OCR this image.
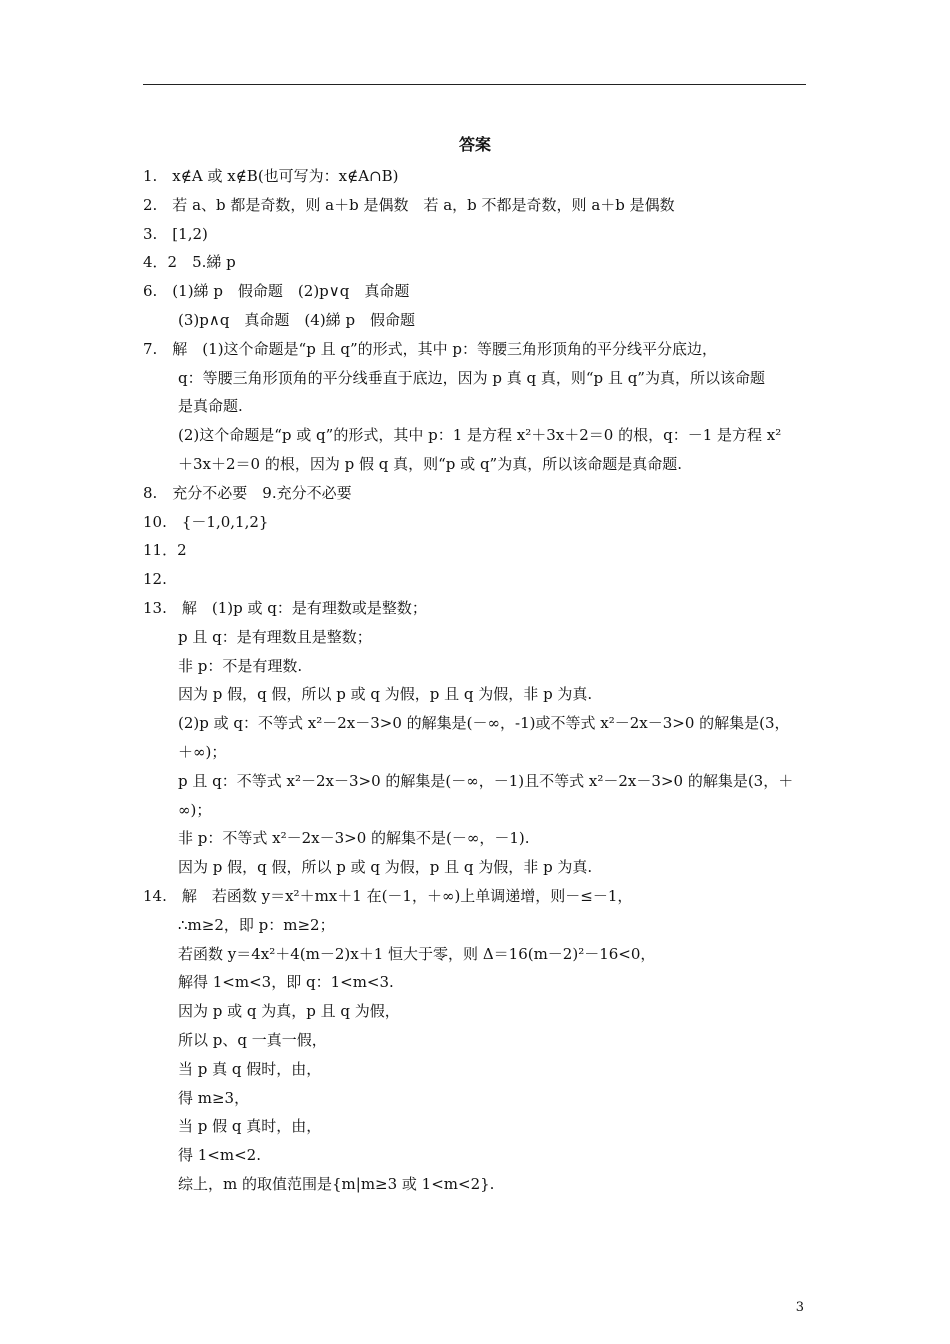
答案
1.　x∉A 或 x∉B(也可写为：x∉A∩B)
2.　若 a、b 都是奇数，则 a＋b 是偶数　若 a，b 不都是奇数，则 a＋b 是偶数
3.　[1,2)
4．2　5.綈 p
6.　(1)綈 p　假命题　(2)p∨q　真命题
(3)p∧q　真命题　(4)綈 p　假命题
7.　解　(1)这个命题是“p 且 q”的形式，其中 p：等腰三角形顶角的平分线平分底边，
q：等腰三角形顶角的平分线垂直于底边，因为 p 真 q 真，则“p 且 q”为真，所以该命题
是真命题.
(2)这个命题是“p 或 q”的形式，其中 p：1 是方程 x²＋3x＋2＝0 的根，q：－1 是方程 x²
＋3x＋2＝0 的根，因为 p 假 q 真，则“p 或 q”为真，所以该命题是真命题.
8.　充分不必要　9.充分不必要
10.　{－1,0,1,2}
11．2
12.
13.　解　(1)p 或 q：是有理数或是整数；
p 且 q：是有理数且是整数；
非 p：不是有理数.
因为 p 假，q 假，所以 p 或 q 为假，p 且 q 为假，非 p 为真.
(2)p 或 q：不等式 x²－2x－3>0 的解集是(－∞，-1)或不等式 x²－2x－3>0 的解集是(3，
＋∞)；
p 且 q：不等式 x²－2x－3>0 的解集是(－∞，－1)且不等式 x²－2x－3>0 的解集是(3，＋
∞)；
非 p：不等式 x²－2x－3>0 的解集不是(－∞，－1).
因为 p 假，q 假，所以 p 或 q 为假，p 且 q 为假，非 p 为真.
14.　解　若函数 y＝x²＋mx＋1 在(－1，＋∞)上单调递增，则－≤－1，
∴m≥2，即 p：m≥2；
若函数 y＝4x²＋4(m－2)x＋1 恒大于零，则 Δ＝16(m－2)²－16<0，
解得 1<m<3，即 q：1<m<3.
因为 p 或 q 为真，p 且 q 为假，
所以 p、q 一真一假，
当 p 真 q 假时，由，
得 m≥3，
当 p 假 q 真时，由，
得 1<m<2.
综上，m 的取值范围是{m|m≥3 或 1<m<2}.
3
